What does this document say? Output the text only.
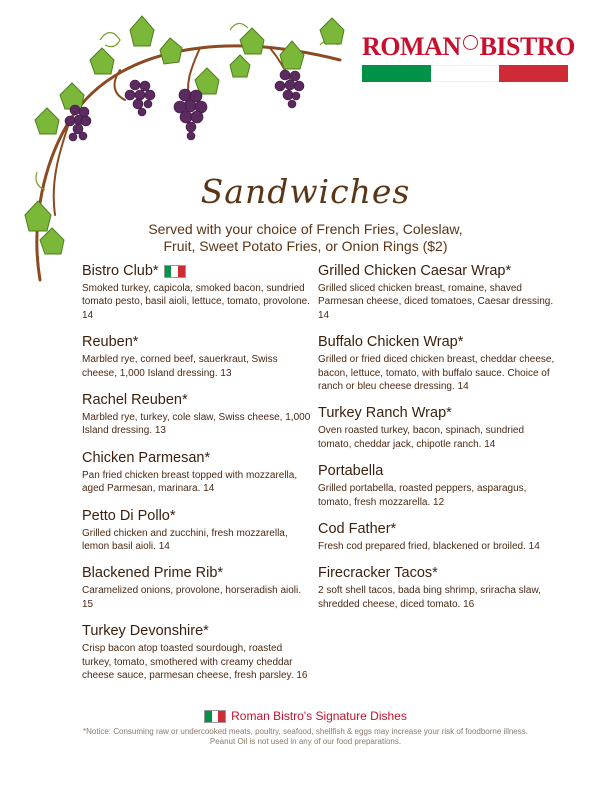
ROMAN BISTRO
Sandwiches
Served with your choice of French Fries, Coleslaw,
Fruit, Sweet Potato Fries, or Onion Rings ($2)
Bistro Club*
Smoked turkey, capicola, smoked bacon, sundried tomato pesto, basil aioli, lettuce, tomato, provolone. 14
Reuben*
Marbled rye, corned beef, sauerkraut, Swiss cheese, 1,000 Island dressing. 13
Rachel Reuben*
Marbled rye, turkey, cole slaw, Swiss cheese, 1,000 Island dressing. 13
Chicken Parmesan*
Pan fried chicken breast topped with mozzarella, aged Parmesan, marinara. 14
Petto Di Pollo*
Grilled chicken and zucchini, fresh mozzarella, lemon basil aioli. 14
Blackened Prime Rib*
Caramelized onions, provolone, horseradish aioli. 15
Turkey Devonshire*
Crisp bacon atop toasted sourdough, roasted turkey, tomato, smothered with creamy cheddar cheese sauce, parmesan cheese, fresh parsley. 16
Grilled Chicken Caesar Wrap*
Grilled sliced chicken breast, romaine, shaved Parmesan cheese, diced tomatoes, Caesar dressing. 14
Buffalo Chicken Wrap*
Grilled or fried diced chicken breast, cheddar cheese, bacon, lettuce, tomato, with buffalo sauce. Choice of ranch or bleu cheese dressing. 14
Turkey Ranch Wrap*
Oven roasted turkey, bacon, spinach, sundried tomato, cheddar jack, chipotle ranch. 14
Portabella
Grilled portabella, roasted peppers, asparagus, tomato, fresh mozzarella. 12
Cod Father*
Fresh cod prepared fried, blackened or broiled. 14
Firecracker Tacos*
2 soft shell tacos, bada bing shrimp, sriracha slaw, shredded cheese, diced tomato. 16
Roman Bistro's Signature Dishes
*Notice: Consuming raw or undercooked meats, poultry, seafood, shellfish & eggs may increase your risk of foodborne illness.
Peanut Oil is not used in any of our food preparations.
